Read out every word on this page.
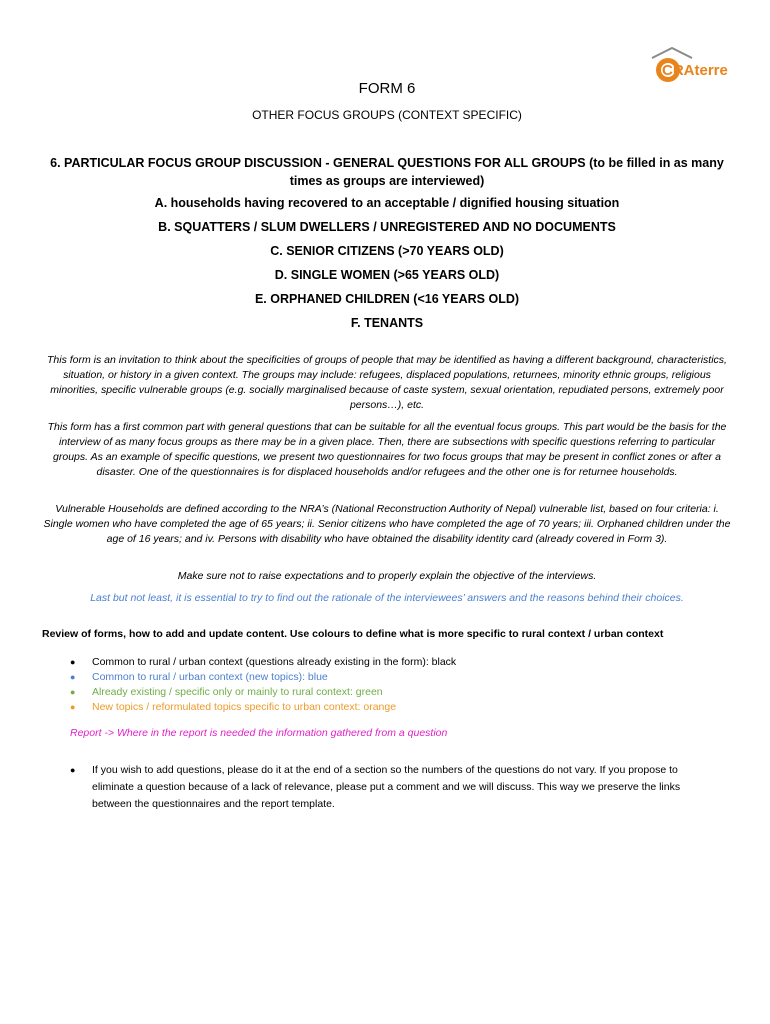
CRAterre
FORM 6
OTHER FOCUS GROUPS (CONTEXT SPECIFIC)
6. PARTICULAR FOCUS GROUP DISCUSSION - GENERAL QUESTIONS FOR ALL GROUPS (to be filled in as many times as groups are interviewed)
A. households having recovered to an acceptable / dignified housing situation
B. SQUATTERS / SLUM DWELLERS / UNREGISTERED AND NO DOCUMENTS
C. SENIOR CITIZENS (>70 YEARS OLD)
D. SINGLE WOMEN (>65 YEARS OLD)
E. ORPHANED CHILDREN (<16 YEARS OLD)
F. TENANTS
This form is an invitation to think about the specificities of groups of people that may be identified as having a different background, characteristics, situation, or history in a given context. The groups may include: refugees, displaced populations, returnees, minority ethnic groups, religious minorities, specific vulnerable groups (e.g. socially marginalised because of caste system, sexual orientation, repudiated persons, extremely poor persons…), etc.
This form has a first common part with general questions that can be suitable for all the eventual focus groups. This part would be the basis for the interview of as many focus groups as there may be in a given place. Then, there are subsections with specific questions referring to particular groups. As an example of specific questions, we present two questionnaires for two focus groups that may be present in conflict zones or after a disaster. One of the questionnaires is for displaced households and/or refugees and the other one is for returnee households.
Vulnerable Households are defined according to the NRA’s (National Reconstruction Authority of Nepal) vulnerable list, based on four criteria: i. Single women who have completed the age of 65 years; ii. Senior citizens who have completed the age of 70 years; iii. Orphaned children under the age of 16 years; and iv. Persons with disability who have obtained the disability identity card (already covered in Form 3).
Make sure not to raise expectations and to properly explain the objective of the interviews.
Last but not least, it is essential to try to find out the rationale of the interviewees’ answers and the reasons behind their choices.
Review of forms, how to add and update content. Use colours to define what is more specific to rural context / urban context
●	Common to rural / urban context (questions already existing in the form): black
●	Common to rural / urban context (new topics): blue
●	Already existing / specific only or mainly to rural context: green
●	New topics / reformulated topics specific to urban context: orange
Report -> Where in the report is needed the information gathered from a question
●	If you wish to add questions, please do it at the end of a section so the numbers of the questions do not vary. If you propose to eliminate a question because of a lack of relevance, please put a comment and we will discuss. This way we preserve the links between the questionnaires and the report template.
